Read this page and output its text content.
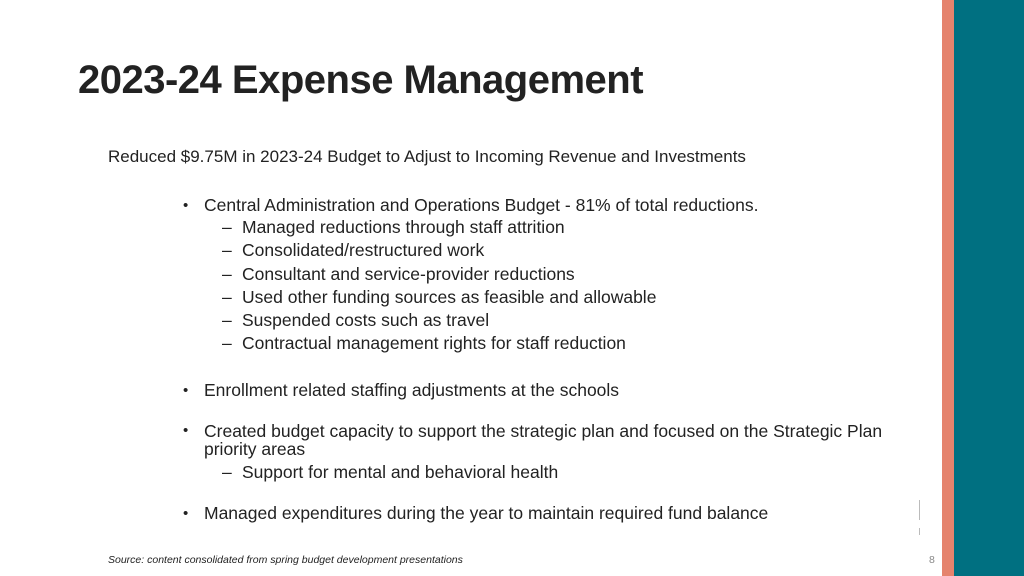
2023-24 Expense Management
Reduced $9.75M in 2023-24 Budget to Adjust to Incoming Revenue and Investments
• Central Administration and Operations Budget - 81% of total reductions.
– Managed reductions through staff attrition
– Consolidated/restructured work
– Consultant and service-provider reductions
– Used other funding sources as feasible and allowable
– Suspended costs such as travel
– Contractual management rights for staff reduction
• Enrollment related staffing adjustments at the schools
• Created budget capacity to support the strategic plan and focused on the Strategic Plan priority areas
– Support for mental and behavioral health
• Managed expenditures during the year to maintain required fund balance
Source: content consolidated from spring budget development presentations	8
